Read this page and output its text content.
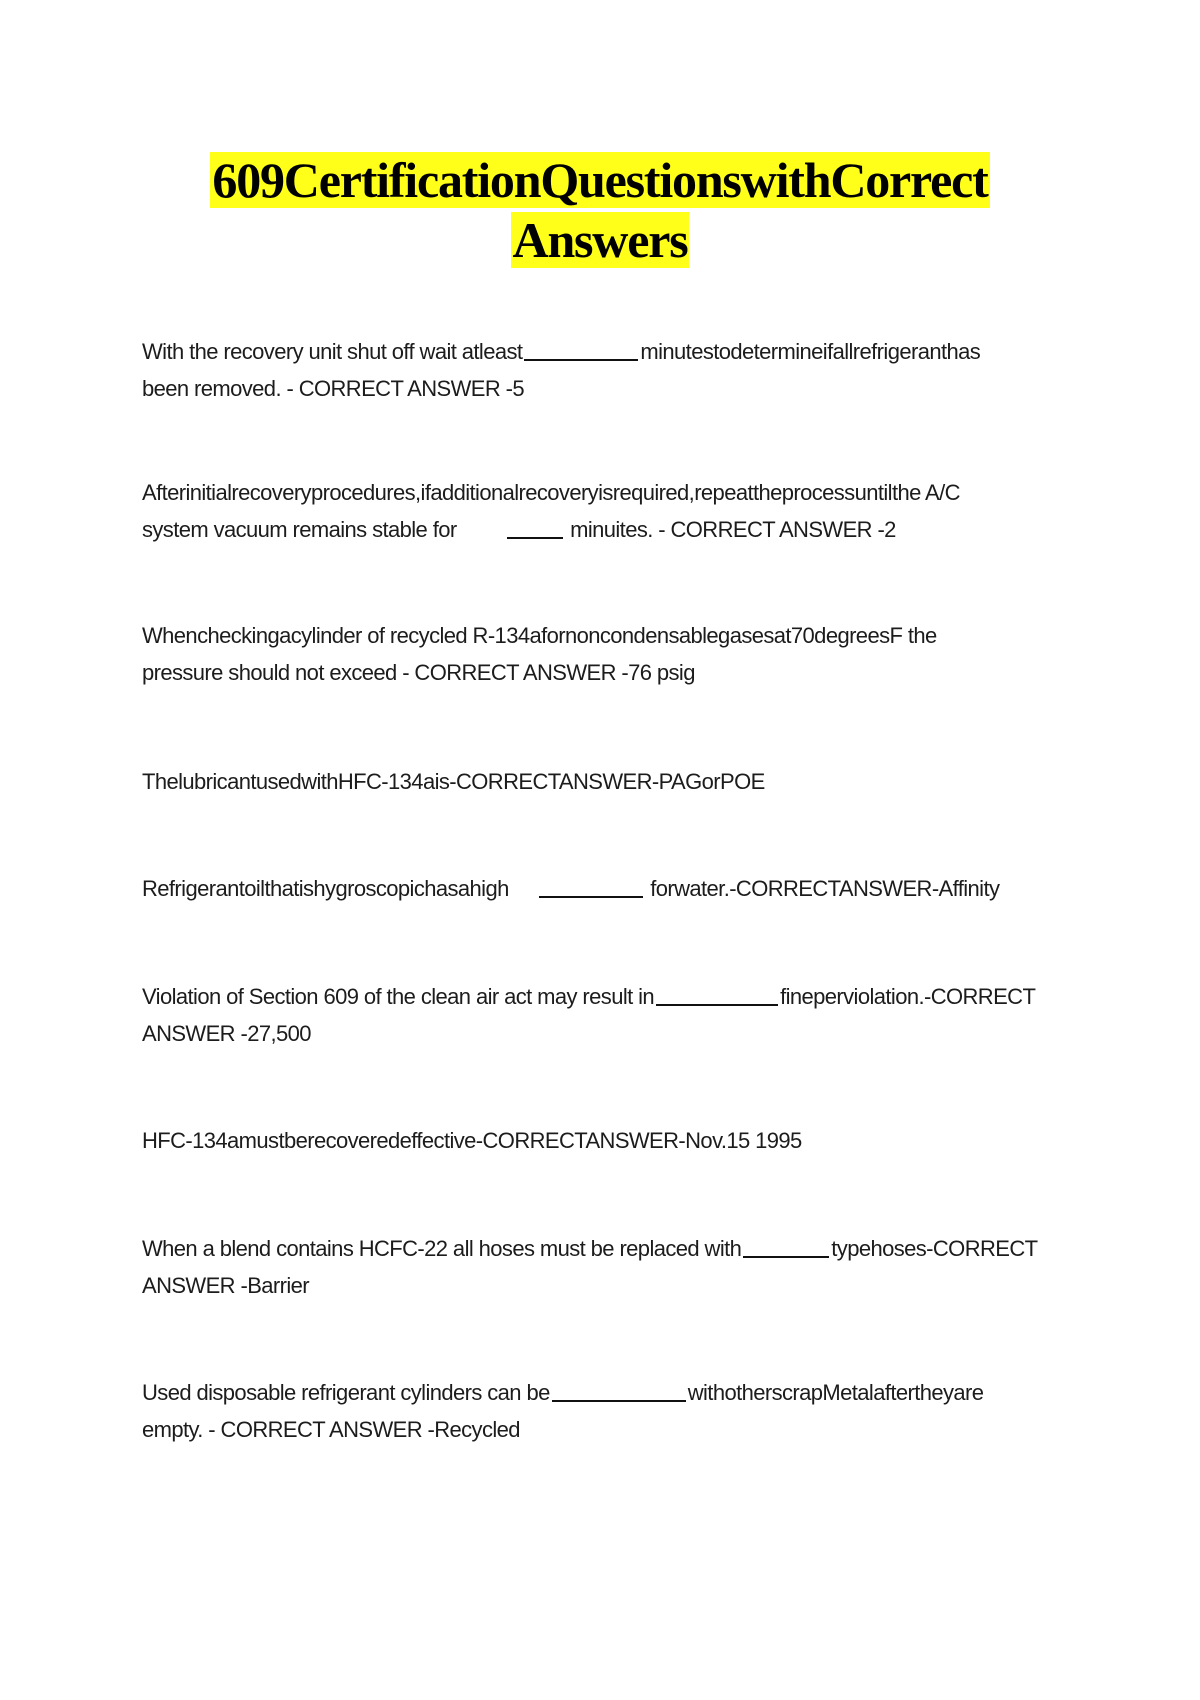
609CertificationQuestionswithCorrect
Answers
With the recovery unit shut off wait atleast	minutestodetermineifallrefrigeranthas
been removed. - CORRECT ANSWER -5
Afterinitialrecoveryprocedures,ifadditionalrecoveryisrequired,repeattheprocessuntilthe A/C
system vacuum remains stable for	minuites. - CORRECT ANSWER -2
Whencheckingacylinder of recycled R-134afornoncondensablegasesat70degreesF the
pressure should not exceed - CORRECT ANSWER -76 psig
ThelubricantusedwithHFC-134ais-CORRECTANSWER-PAGorPOE
Refrigerantoilthatishygroscopichasahigh	forwater.-CORRECTANSWER-Affinity
Violation of Section 609 of the clean air act may result in	fineperviolation.-CORRECT
ANSWER -27,500
HFC-134amustberecoveredeffective-CORRECTANSWER-Nov.15 1995
When a blend contains HCFC-22 all hoses must be replaced with	typehoses-CORRECT
ANSWER -Barrier
Used disposable refrigerant cylinders can be	withotherscrapMetalaftertheyare
empty. - CORRECT ANSWER -Recycled
